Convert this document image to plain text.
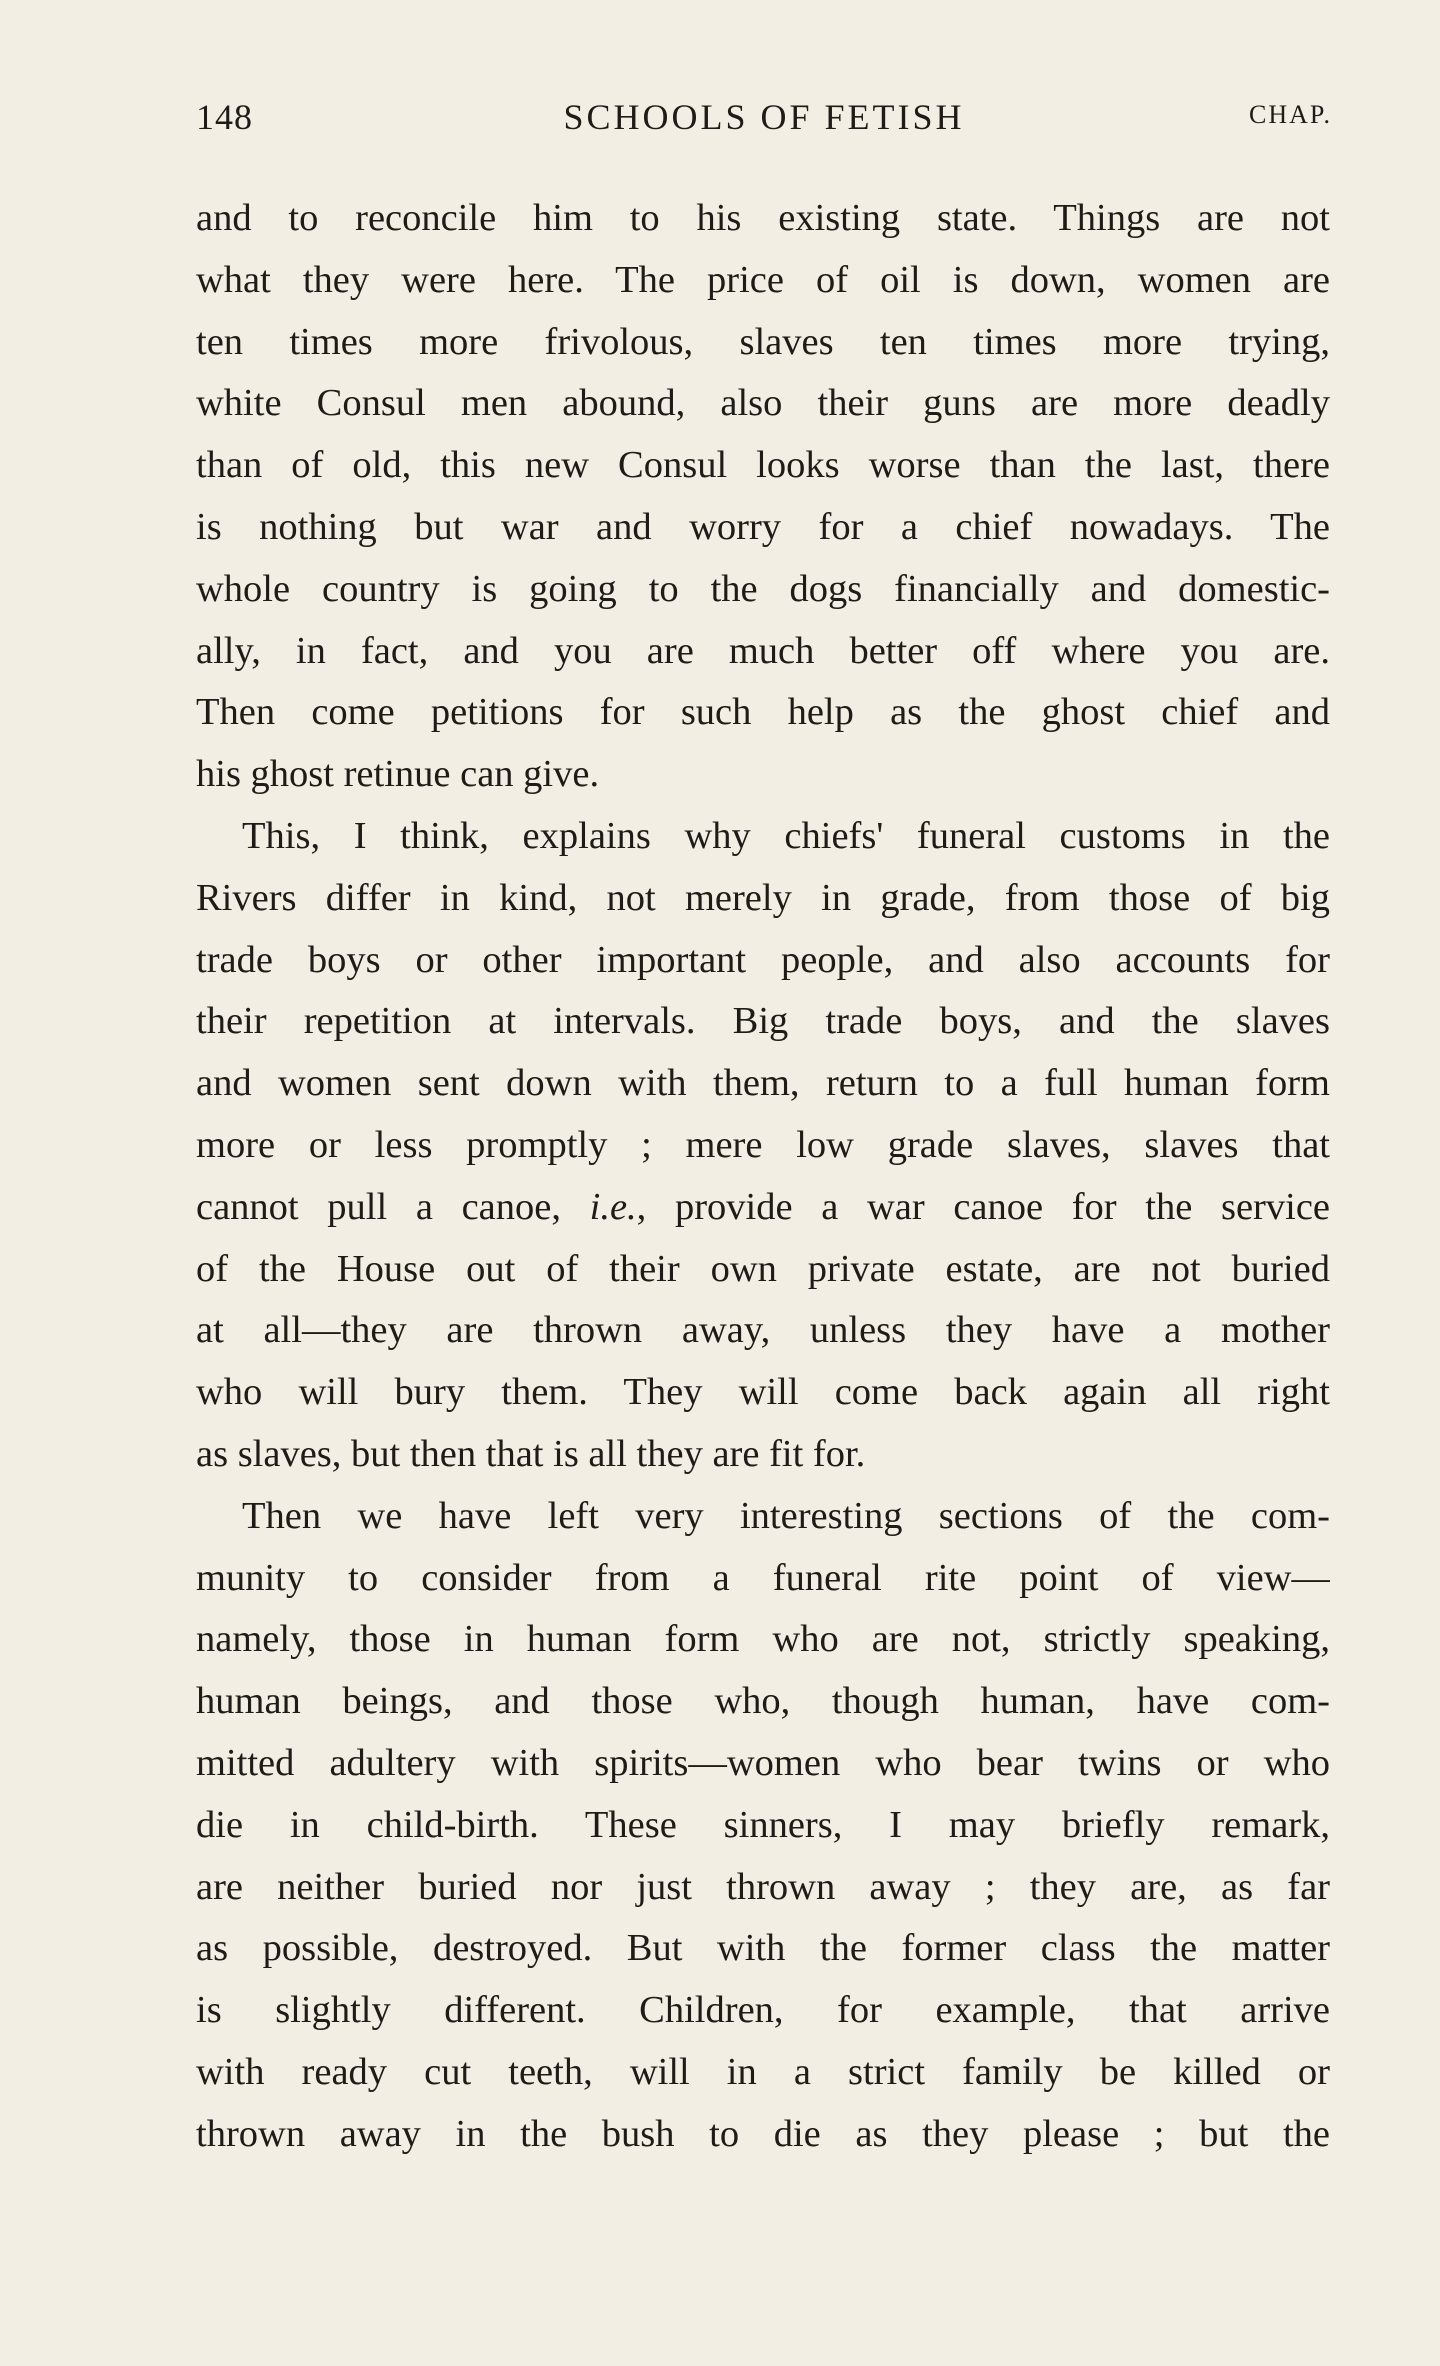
148	SCHOOLS OF FETISH	CHAP.
and to reconcile him to his existing state. Things are not
what they were here. The price of oil is down, women are
ten times more frivolous, slaves ten times more trying,
white Consul men abound, also their guns are more deadly
than of old, this new Consul looks worse than the last, there
is nothing but war and worry for a chief nowadays. The
whole country is going to the dogs financially and domestic-
ally, in fact, and you are much better off where you are.
Then come petitions for such help as the ghost chief and
his ghost retinue can give.
This, I think, explains why chiefs' funeral customs in the
Rivers differ in kind, not merely in grade, from those of big
trade boys or other important people, and also accounts for
their repetition at intervals. Big trade boys, and the slaves
and women sent down with them, return to a full human form
more or less promptly ; mere low grade slaves, slaves that
cannot pull a canoe, i.e., provide a war canoe for the service
of the House out of their own private estate, are not buried
at all—they are thrown away, unless they have a mother
who will bury them. They will come back again all right
as slaves, but then that is all they are fit for.
Then we have left very interesting sections of the com-
munity to consider from a funeral rite point of view—
namely, those in human form who are not, strictly speaking,
human beings, and those who, though human, have com-
mitted adultery with spirits—women who bear twins or who
die in child-birth. These sinners, I may briefly remark,
are neither buried nor just thrown away ; they are, as far
as possible, destroyed. But with the former class the matter
is slightly different. Children, for example, that arrive
with ready cut teeth, will in a strict family be killed or
thrown away in the bush to die as they please ; but the
